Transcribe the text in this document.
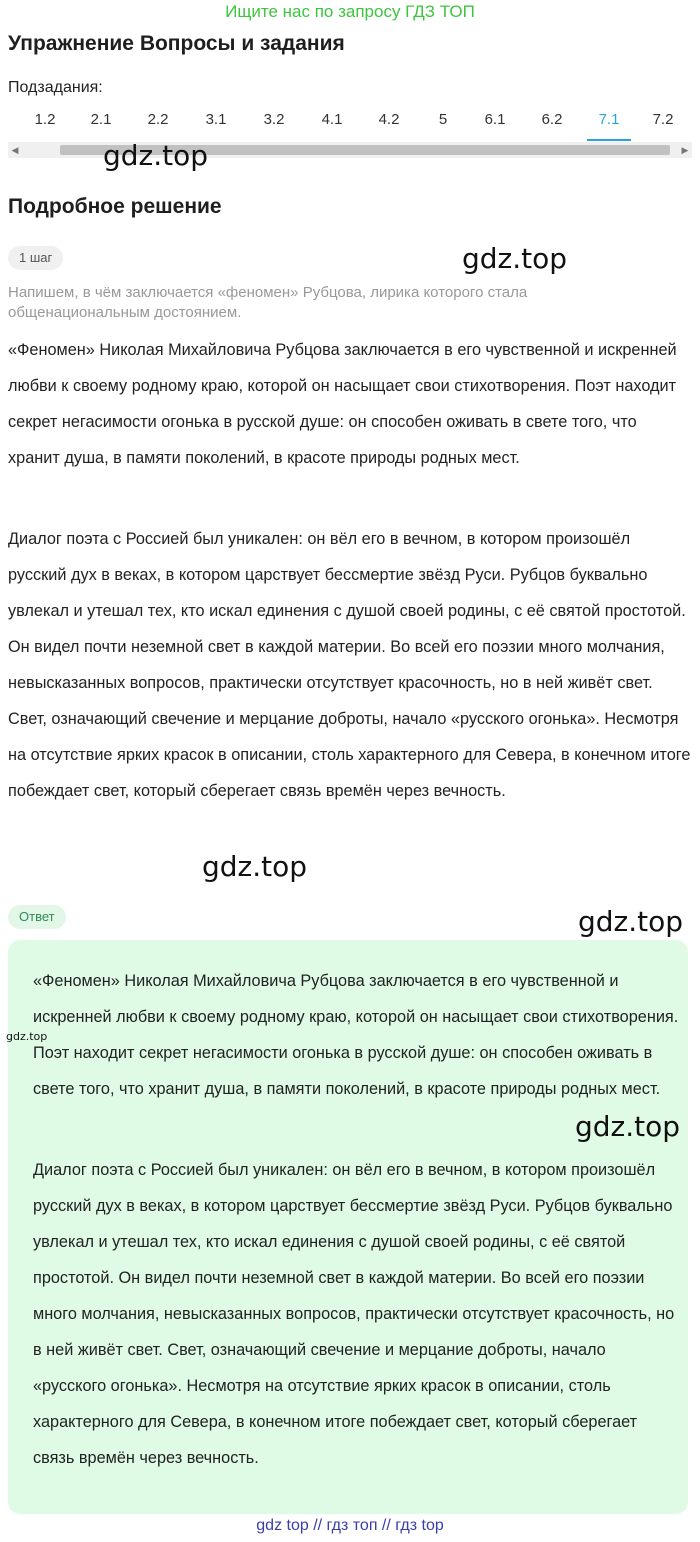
Ищите нас по запросу ГДЗ ТОП
Упражнение Вопросы и задания
Подзадания:
1.2	2.1	2.2	3.1	3.2	4.1	4.2	5	6.1	6.2	7.1	7.2
◀	▶
gdz.top
Подробное решение
1 шаг	gdz.top

Напишем, в чём заключается «феномен» Рубцова, лирика которого стала общенациональным достоянием.

«Феномен» Николая Михайловича Рубцова заключается в его чувственной и искренней любви к своему родному краю, которой он насыщает свои стихотворения. Поэт находит секрет негасимости огонька в русской душе: он способен оживать в свете того, что хранит душа, в памяти поколений, в красоте природы родных мест.

Диалог поэта с Россией был уникален: он вёл его в вечном, в котором произошёл русский дух в веках, в котором царствует бессмертие звёзд Руси. Рубцов буквально увлекал и утешал тех, кто искал единения с душой своей родины, с её святой простотой. Он видел почти неземной свет в каждой материи. Во всей его поэзии много молчания, невысказанных вопросов, практически отсутствует красочность, но в ней живёт свет. Свет, означающий свечение и мерцание доброты, начало «русского огонька». Несмотря на отсутствие ярких красок в описании, столь характерного для Севера, в конечном итоге побеждает свет, который сберегает связь времён через вечность.

gdz.top
Ответ	gdz.top

«Феномен» Николая Михайловича Рубцова заключается в его чувственной и искренней любви к своему родному краю, которой он насыщает свои стихотворения. Поэт находит секрет негасимости огонька в русской душе: он способен оживать в свете того, что хранит душа, в памяти поколений, в красоте природы родных мест.

Диалог поэта с Россией был уникален: он вёл его в вечном, в котором произошёл русский дух в веках, в котором царствует бессмертие звёзд Руси. Рубцов буквально увлекал и утешал тех, кто искал единения с душой своей родины, с её святой простотой. Он видел почти неземной свет в каждой материи. Во всей его поэзии много молчания, невысказанных вопросов, практически отсутствует красочность, но в ней живёт свет. Свет, означающий свечение и мерцание доброты, начало «русского огонька». Несмотря на отсутствие ярких красок в описании, столь характерного для Севера, в конечном итоге побеждает свет, который сберегает связь времён через вечность.

gdz.top
gdz.top
gdz top // гдз топ // гдз top
